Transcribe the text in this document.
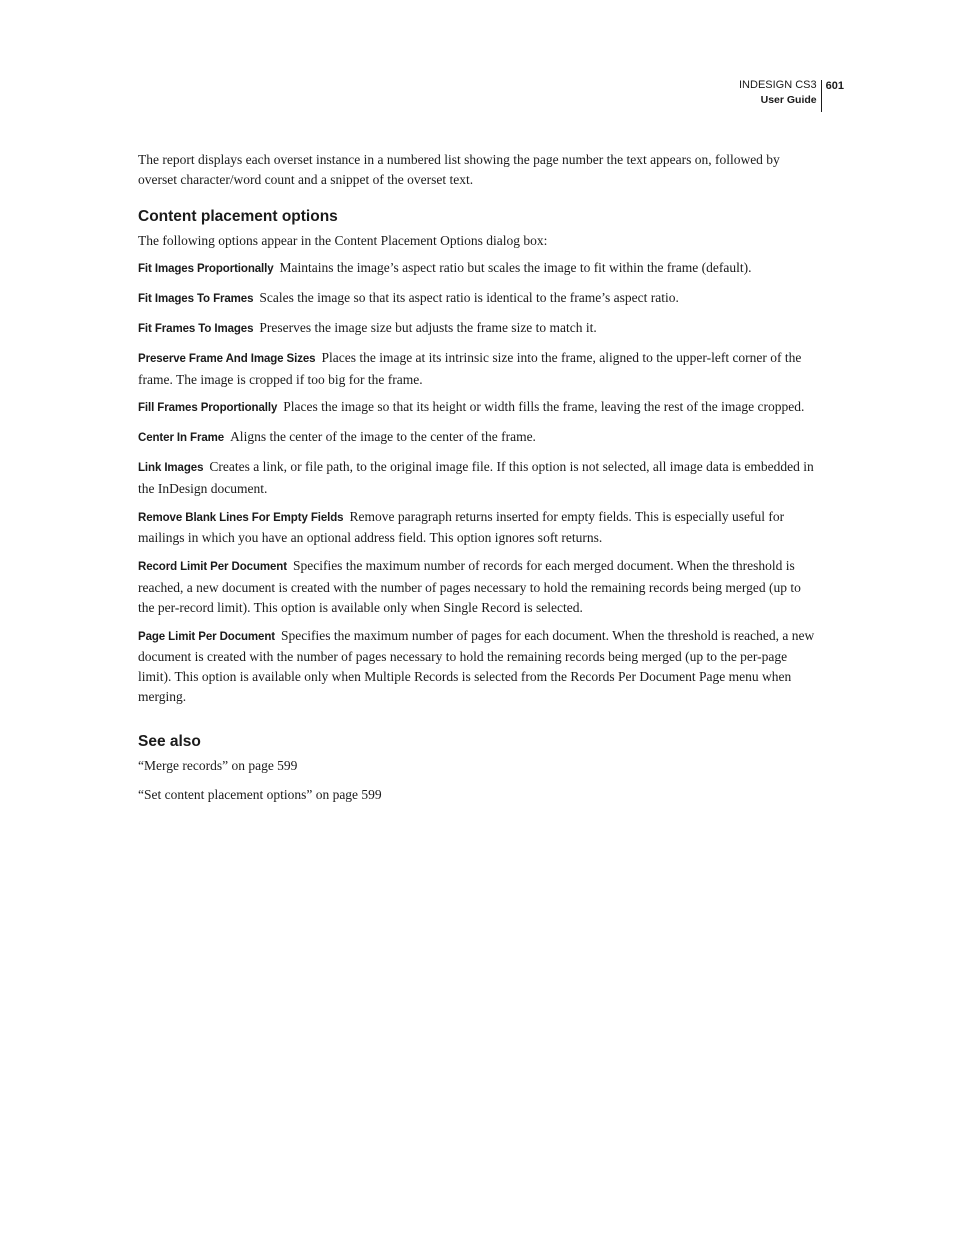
INDESIGN CS3
User Guide
601

The report displays each overset instance in a numbered list showing the page number the text appears on, followed by overset character/word count and a snippet of the overset text.

Content placement options

The following options appear in the Content Placement Options dialog box:

Fit Images Proportionally Maintains the image’s aspect ratio but scales the image to fit within the frame (default).

Fit Images To Frames Scales the image so that its aspect ratio is identical to the frame’s aspect ratio.

Fit Frames To Images Preserves the image size but adjusts the frame size to match it.

Preserve Frame And Image Sizes Places the image at its intrinsic size into the frame, aligned to the upper-left corner of the frame. The image is cropped if too big for the frame.

Fill Frames Proportionally Places the image so that its height or width fills the frame, leaving the rest of the image cropped.

Center In Frame Aligns the center of the image to the center of the frame.

Link Images Creates a link, or file path, to the original image file. If this option is not selected, all image data is embedded in the InDesign document.

Remove Blank Lines For Empty Fields Remove paragraph returns inserted for empty fields. This is especially useful for mailings in which you have an optional address field. This option ignores soft returns.

Record Limit Per Document Specifies the maximum number of records for each merged document. When the threshold is reached, a new document is created with the number of pages necessary to hold the remaining records being merged (up to the per-record limit). This option is available only when Single Record is selected.

Page Limit Per Document Specifies the maximum number of pages for each document. When the threshold is reached, a new document is created with the number of pages necessary to hold the remaining records being merged (up to the per-page limit). This option is available only when Multiple Records is selected from the Records Per Document Page menu when merging.

See also

“Merge records” on page 599

“Set content placement options” on page 599
